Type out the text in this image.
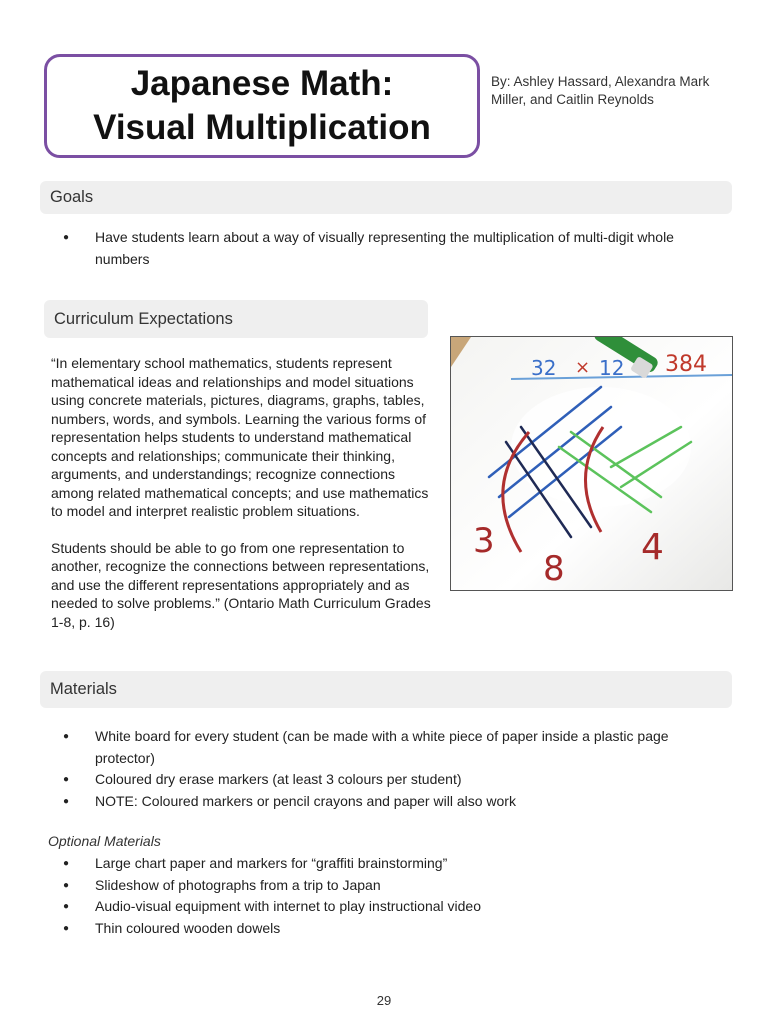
Japanese Math:
Visual Multiplication
By: Ashley Hassard, Alexandra Mark Miller, and Caitlin Reynolds
Goals
● Have students learn about a way of visually representing the multiplication of multi-digit whole numbers
Curriculum Expectations

“In elementary school mathematics, students represent mathematical ideas and relationships and model situations using concrete materials, pictures, diagrams, graphs, tables, numbers, words, and symbols. Learning the various forms of representation helps students to understand mathematical concepts and relationships; communicate their thinking, arguments, and understandings; recognize connections among related mathematical concepts; and use mathematics to model and interpret realistic problem situations.

Students should be able to go from one representation to another, recognize the connections between representations, and use the different representations appropriately and as needed to solve problems.” (Ontario Math Curriculum Grades 1-8, p. 16)

32 × 12 384
3
8
4
Materials
● White board for every student (can be made with a white piece of paper inside a plastic page protector)
● Coloured dry erase markers (at least 3 colours per student)
● NOTE: Coloured markers or pencil crayons and paper will also work
Optional Materials
● Large chart paper and markers for “graffiti brainstorming”
● Slideshow of photographs from a trip to Japan
● Audio-visual equipment with internet to play instructional video
● Thin coloured wooden dowels
29
